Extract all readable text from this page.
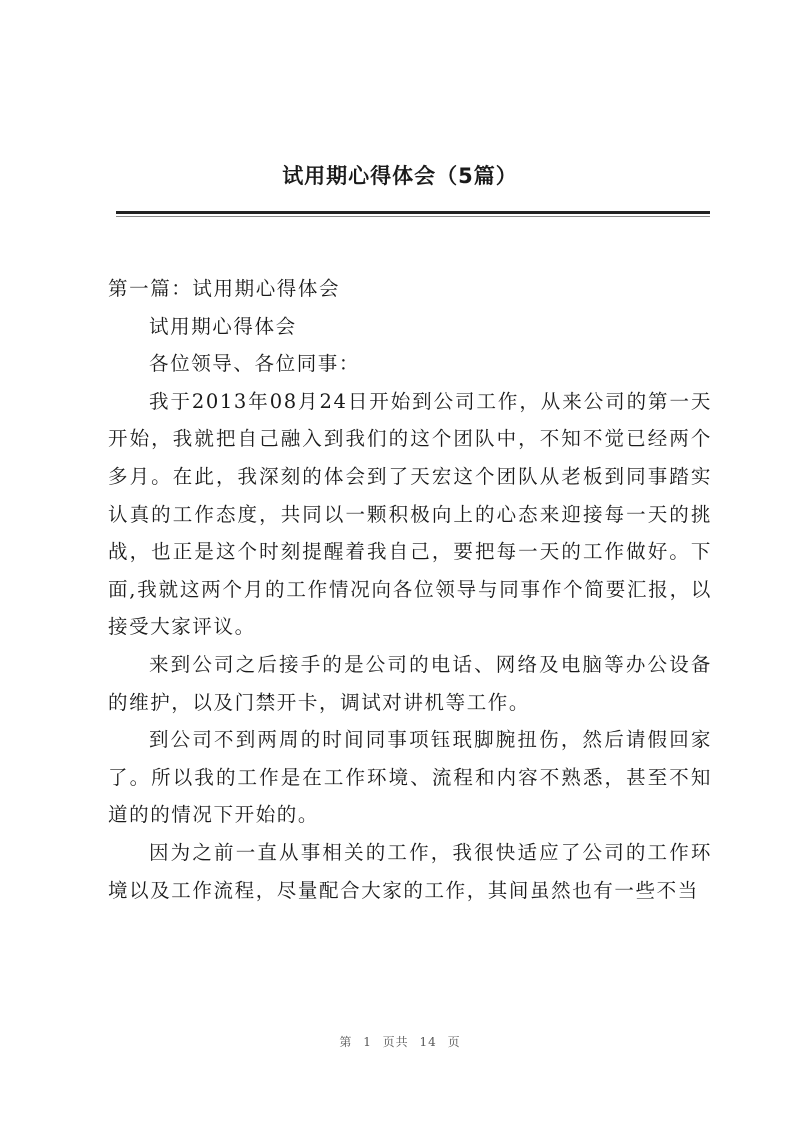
试用期心得体会（5篇）

第一篇：试用期心得体会

试用期心得体会

各位领导、各位同事：

我于2013年08月24日开始到公司工作，从来公司的第一天开始，我就把自己融入到我们的这个团队中，不知不觉已经两个多月。在此，我深刻的体会到了天宏这个团队从老板到同事踏实认真的工作态度，共同以一颗积极向上的心态来迎接每一天的挑战，也正是这个时刻提醒着我自己，要把每一天的工作做好。下面,我就这两个月的工作情况向各位领导与同事作个简要汇报，以接受大家评议。

来到公司之后接手的是公司的电话、网络及电脑等办公设备的维护，以及门禁开卡，调试对讲机等工作。

到公司不到两周的时间同事项钰珉脚腕扭伤，然后请假回家了。所以我的工作是在工作环境、流程和内容不熟悉，甚至不知道的的情况下开始的。

因为之前一直从事相关的工作，我很快适应了公司的工作环境以及工作流程，尽量配合大家的工作，其间虽然也有一些不当

第 1 页共 14 页
